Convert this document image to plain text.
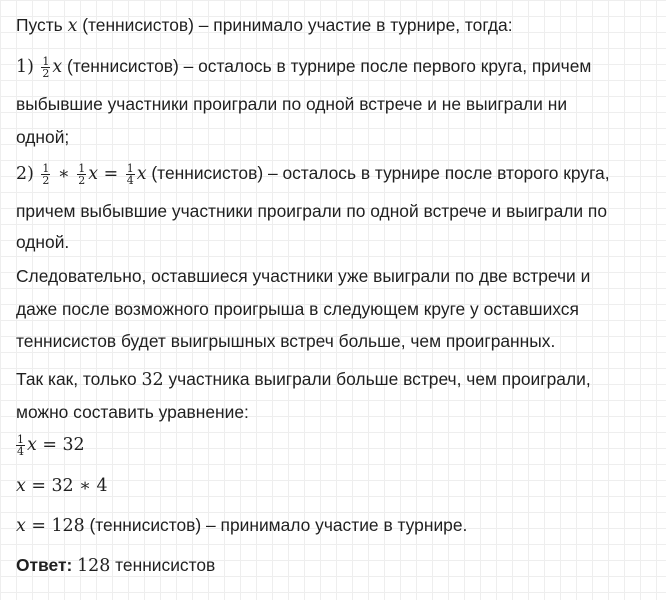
Пусть x (теннисистов) – принимало участие в турнире, тогда:
$1) \frac{1}{2}$ x (теннисистов) – осталось в турнире после первого круга, причем
выбывшие участники проиграли по одной встрече и не выиграли ни
одной;
$2) \frac{1}{2}$ ∗ $\frac{1}{2}$ $x = \frac{1}{4}$ x (теннисистов) – осталось в турнире после второго круга,
причем выбывшие участники проиграли по одной встрече и выиграли по
одной.
Следовательно, оставшиеся участники уже выиграли по две встречи и
даже после возможного проигрыша в следующем круге у оставшихся
теннисистов будет выигрышных встреч больше, чем проигранных.
Так как, только 32 участника выиграли больше встреч, чем проиграли,
можно составить уравнение:
$\frac{1}{4}$ x = 32
x = 32 ∗ 4
x = 128 (теннисистов) – принимало участие в турнире.
Ответ: 128 теннисистов
